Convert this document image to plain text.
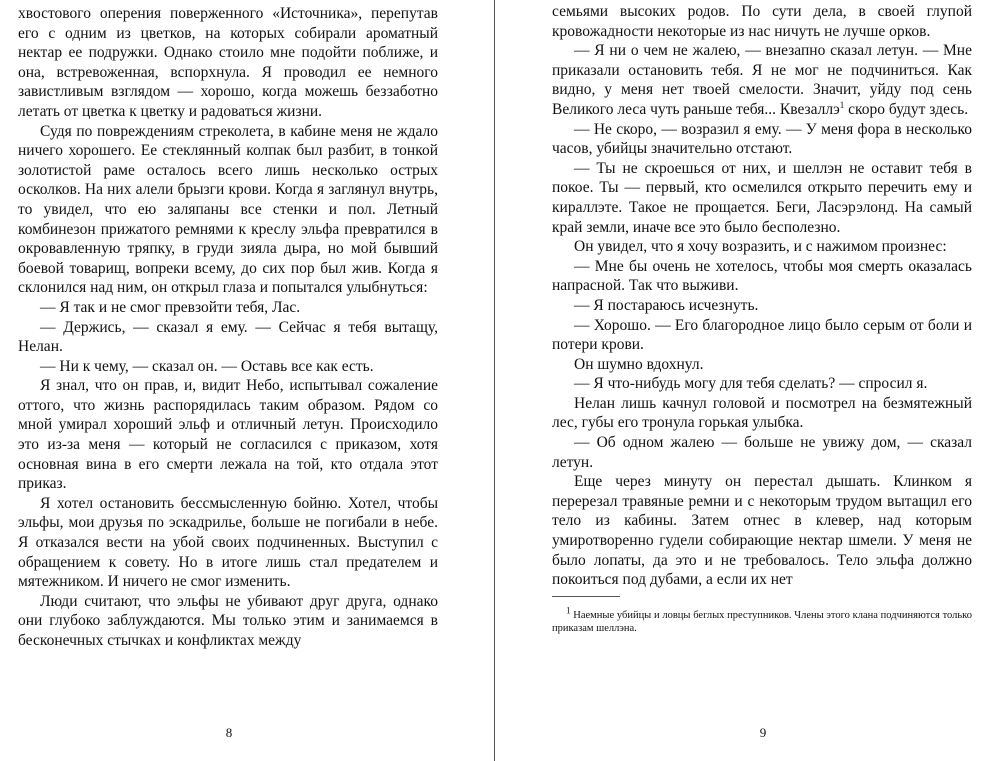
хвостового оперения поверженного «Источника», перепутав его с одним из цветков, на которых собирали ароматный нектар ее подружки. Однако стоило мне подойти поближе, и она, встревоженная, вспорхнула. Я проводил ее немного завистливым взглядом — хорошо, когда можешь беззаботно летать от цветка к цветку и радоваться жизни.

Судя по повреждениям стреколета, в кабине меня не ждало ничего хорошего. Ее стеклянный колпак был разбит, в тонкой золотистой раме осталось всего лишь несколько острых осколков. На них алели брызги крови. Когда я заглянул внутрь, то увидел, что ею заляпаны все стенки и пол. Летный комбинезон прижатого ремнями к креслу эльфа превратился в окровавленную тряпку, в груди зияла дыра, но мой бывший боевой товарищ, вопреки всему, до сих пор был жив. Когда я склонился над ним, он открыл глаза и попытался улыбнуться:

— Я так и не смог превзойти тебя, Лас.

— Держись, — сказал я ему. — Сейчас я тебя вытащу, Нелан.

— Ни к чему, — сказал он. — Оставь все как есть.

Я знал, что он прав, и, видит Небо, испытывал сожаление оттого, что жизнь распорядилась таким образом. Рядом со мной умирал хороший эльф и отличный летун. Происходило это из-за меня — который не согласился с приказом, хотя основная вина в его смерти лежала на той, кто отдала этот приказ.

Я хотел остановить бессмысленную бойню. Хотел, чтобы эльфы, мои друзья по эскадрилье, больше не погибали в небе. Я отказался вести на убой своих подчиненных. Выступил с обращением к совету. Но в итоге лишь стал предателем и мятежником. И ничего не смог изменить.

Люди считают, что эльфы не убивают друг друга, однако они глубоко заблуждаются. Мы только этим и занимаемся в бесконечных стычках и конфликтах между

8

семьями высоких родов. По сути дела, в своей глупой кровожадности некоторые из нас ничуть не лучше орков.

— Я ни о чем не жалею, — внезапно сказал летун. — Мне приказали остановить тебя. Я не мог не подчиниться. Как видно, у меня нет твоей смелости. Значит, уйду под сень Великого леса чуть раньше тебя... Квезаллэ$^1$ скоро будут здесь.

— Не скоро, — возразил я ему. — У меня фора в несколько часов, убийцы значительно отстают.

— Ты не скроешься от них, и шеллэн не оставит тебя в покое. Ты — первый, кто осмелился открыто перечить ему и кираллэте. Такое не прощается. Беги, Ласэрэлонд. На самый край земли, иначе все это было бесполезно.

Он увидел, что я хочу возразить, и с нажимом произнес:

— Мне бы очень не хотелось, чтобы моя смерть оказалась напрасной. Так что выживи.

— Я постараюсь исчезнуть.

— Хорошо. — Его благородное лицо было серым от боли и потери крови.

Он шумно вдохнул.

— Я что-нибудь могу для тебя сделать? — спросил я.

Нелан лишь качнул головой и посмотрел на безмятежный лес, губы его тронула горькая улыбка.

— Об одном жалею — больше не увижу дом, — сказал летун.

Еще через минуту он перестал дышать. Клинком я перерезал травяные ремни и с некоторым трудом вытащил его тело из кабины. Затем отнес в клевер, над которым умиротворенно гудели собирающие нектар шмели. У меня не было лопаты, да это и не требовалось. Тело эльфа должно покоиться под дубами, а если их нет

1 Наемные убийцы и ловцы беглых преступников. Члены этого клана подчиняются только приказам шеллэна.

9
